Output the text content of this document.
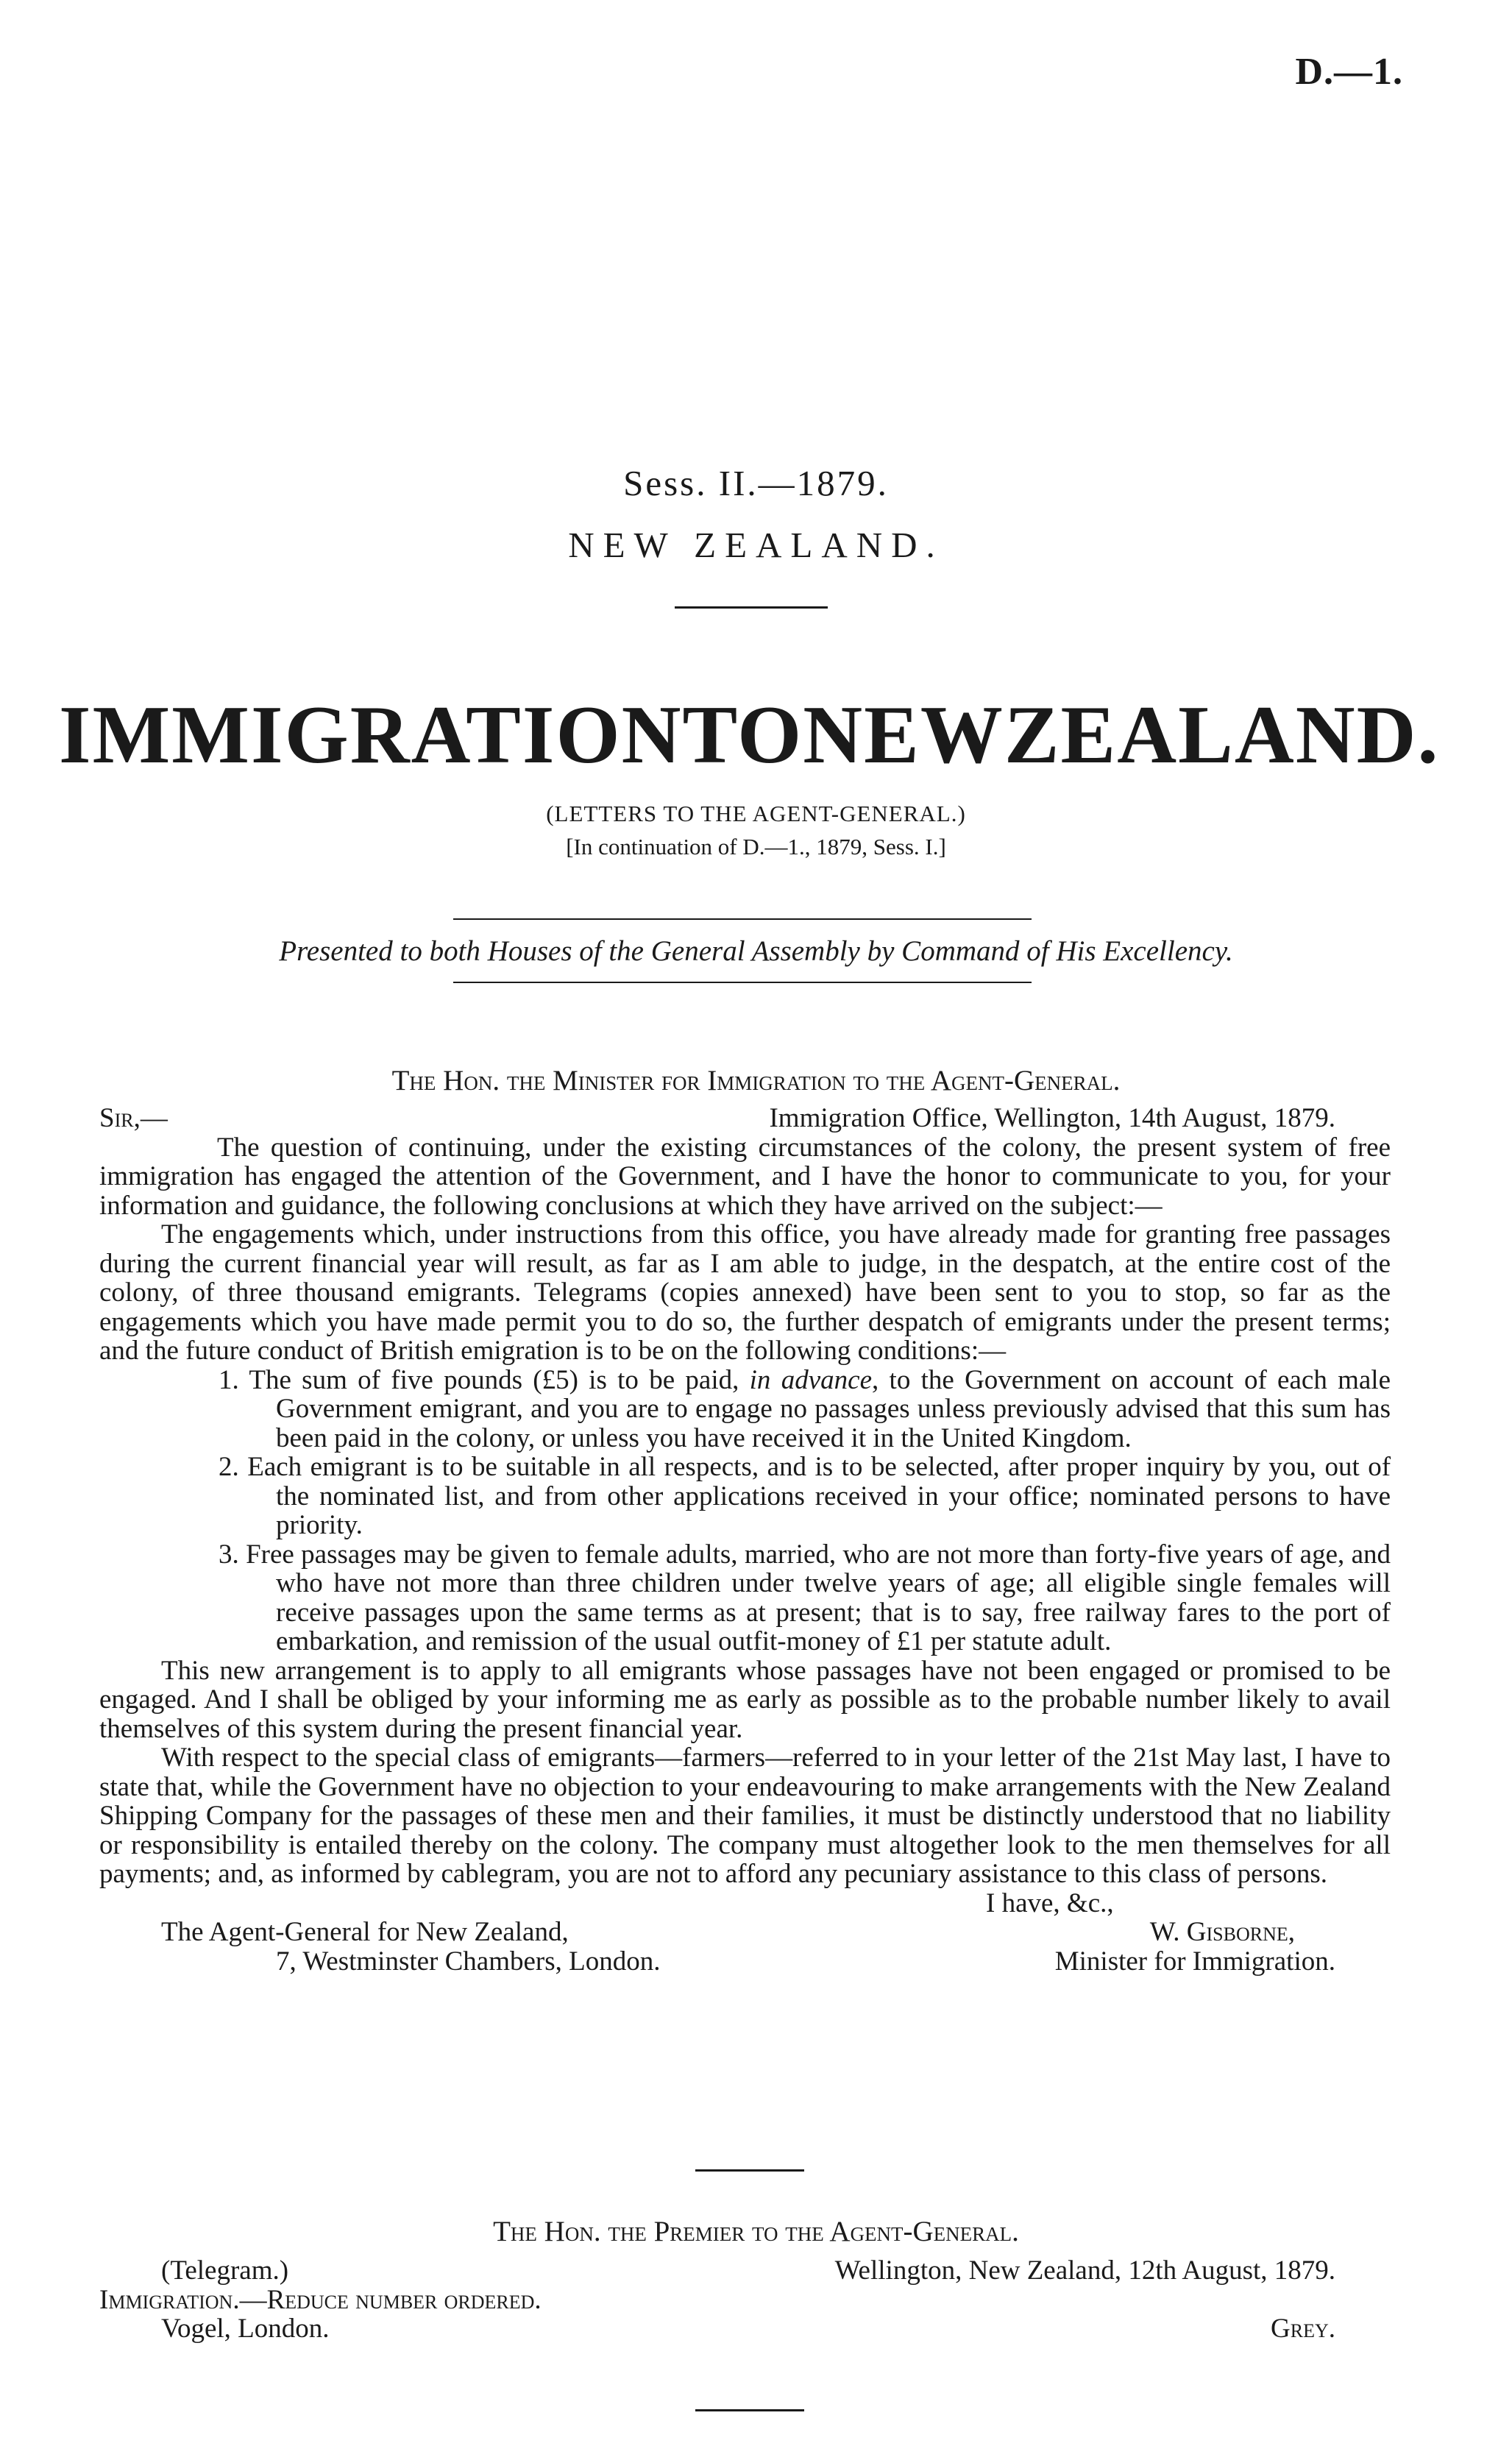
D.—1.
Sess. II.—1879.
NEW ZEALAND.
IMMIGRATION TO NEW ZEALAND.
(LETTERS TO THE AGENT-GENERAL.)
[In continuation of D.—1., 1879, Sess. I.]
Presented to both Houses of the General Assembly by Command of His Excellency.
The Hon. the Minister for Immigration to the Agent-General.
Sir,—	Immigration Office, Wellington, 14th August, 1879.

The question of continuing, under the existing circumstances of the colony, the present system of free immigration has engaged the attention of the Government, and I have the honor to communicate to you, for your information and guidance, the following conclusions at which they have arrived on the subject:—

The engagements which, under instructions from this office, you have already made for granting free passages during the current financial year will result, as far as I am able to judge, in the despatch, at the entire cost of the colony, of three thousand emigrants. Telegrams (copies annexed) have been sent to you to stop, so far as the engagements which you have made permit you to do so, the further despatch of emigrants under the present terms; and the future conduct of British emigration is to be on the following conditions:—

1. The sum of five pounds (£5) is to be paid, in advance, to the Government on account of each male Government emigrant, and you are to engage no passages unless previously advised that this sum has been paid in the colony, or unless you have received it in the United Kingdom.

2. Each emigrant is to be suitable in all respects, and is to be selected, after proper inquiry by you, out of the nominated list, and from other applications received in your office; nominated persons to have priority.

3. Free passages may be given to female adults, married, who are not more than forty-five years of age, and who have not more than three children under twelve years of age; all eligible single females will receive passages upon the same terms as at present; that is to say, free railway fares to the port of embarkation, and remission of the usual outfit-money of £1 per statute adult.

This new arrangement is to apply to all emigrants whose passages have not been engaged or promised to be engaged. And I shall be obliged by your informing me as early as possible as to the probable number likely to avail themselves of this system during the present financial year.

With respect to the special class of emigrants—farmers—referred to in your letter of the 21st May last, I have to state that, while the Government have no objection to your endeavouring to make arrangements with the New Zealand Shipping Company for the passages of these men and their families, it must be distinctly understood that no liability or responsibility is entailed thereby on the colony. The company must altogether look to the men themselves for all payments; and, as informed by cablegram, you are not to afford any pecuniary assistance to this class of persons.

I have, &c.,
The Agent-General for New Zealand,	W. Gisborne,
7, Westminster Chambers, London.	Minister for Immigration.
The Hon. the Premier to the Agent-General.
(Telegram.)	Wellington, New Zealand, 12th August, 1879.
Immigration.—Reduce number ordered.
Vogel, London.	Grey.
